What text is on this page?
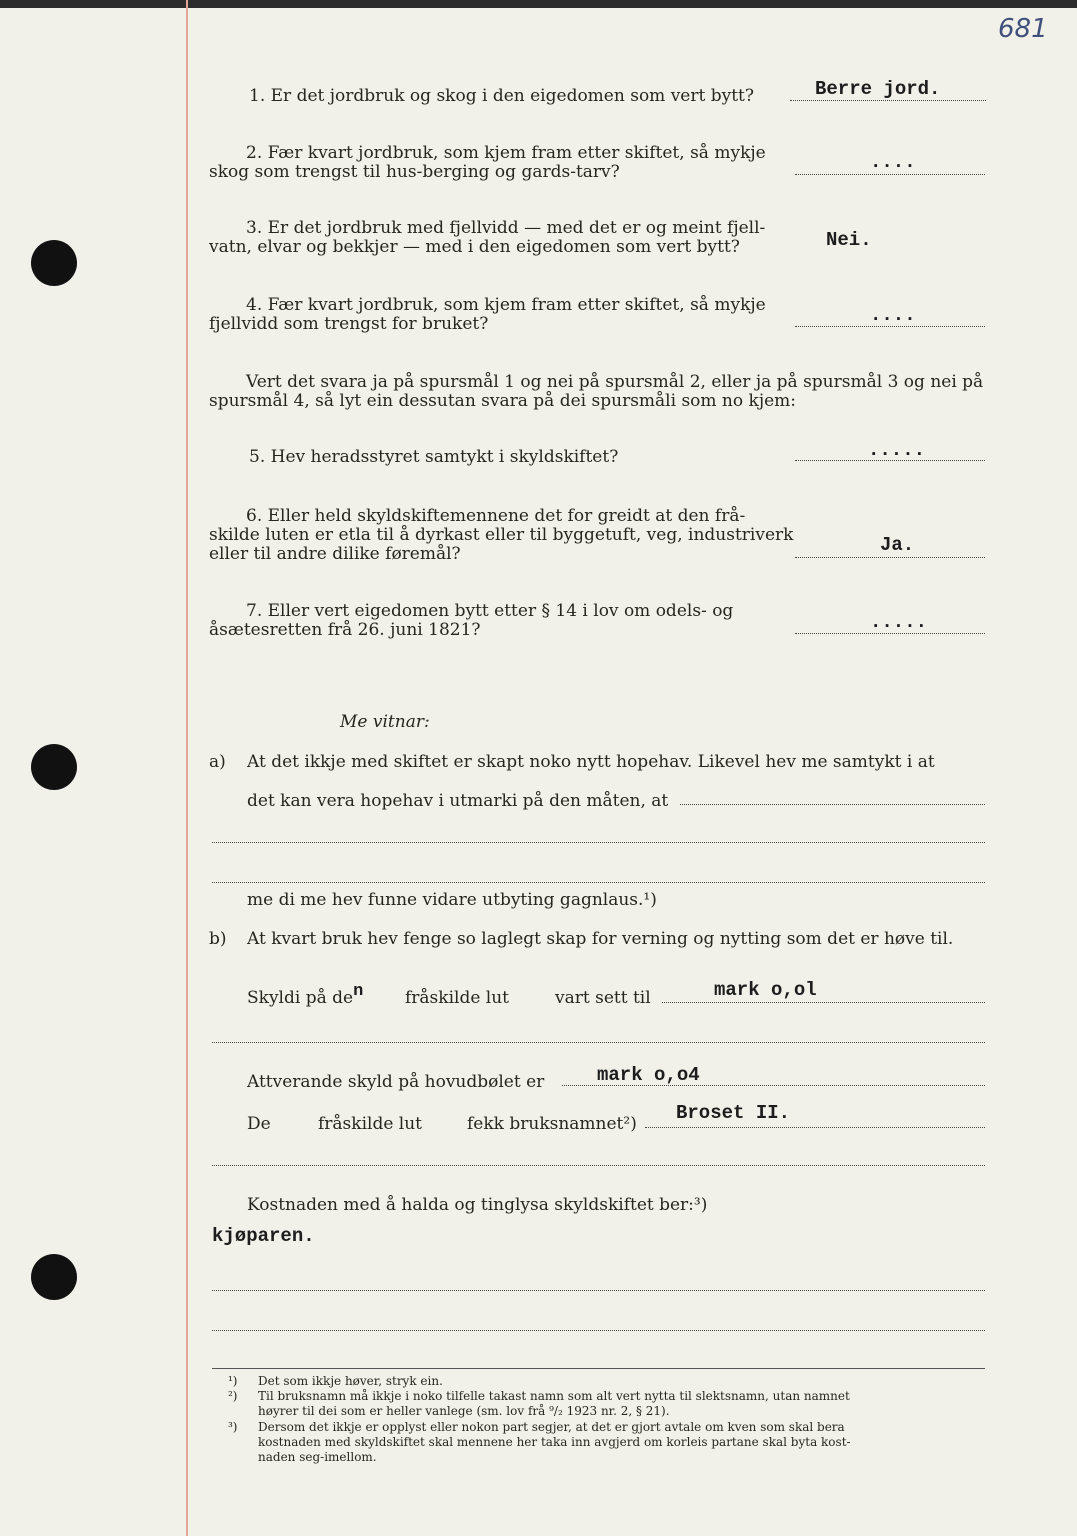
681
1. Er det jordbruk og skog i den eigedomen som vert bytt?	Berre jord.
2. Fær kvart jordbruk, som kjem fram etter skiftet, så mykje
skog som trengst til hus-berging og gards-tarv?	....
3. Er det jordbruk med fjellvidd — med det er og meint fjell-
vatn, elvar og bekkjer — med i den eigedomen som vert bytt?	Nei.
4. Fær kvart jordbruk, som kjem fram etter skiftet, så mykje
fjellvidd som trengst for bruket?	....
Vert det svara ja på spursmål 1 og nei på spursmål 2, eller ja på spursmål 3 og nei på
spursmål 4, så lyt ein dessutan svara på dei spursmåli som no kjem:
5. Hev heradsstyret samtykt i skyldskiftet?	.....
6. Eller held skyldskiftemennene det for greidt at den frå-
skilde luten er etla til å dyrkast eller til byggetuft, veg, industriverk
eller til andre dilike føremål?	Ja.
7. Eller vert eigedomen bytt etter § 14 i lov om odels- og
åsætesretten frå 26. juni 1821?	.....
Me vitnar:
a) At det ikkje med skiftet er skapt noko nytt hopehav. Likevel hev me samtykt i at
det kan vera hopehav i utmarki på den måten, at
me di me hev funne vidare utbyting gagnlaus.¹)
b) At kvart bruk hev fenge so laglegt skap for verning og nytting som det er høve til.
Skyldi på den fråskilde lut	vart sett til	mark o,ol
Attverande skyld på hovudbølet er	mark o,o4
De	fråskilde lut	fekk bruksnamnet²) Broset II.
Kostnaden med å halda og tinglysa skyldskiftet ber:³)
kjøparen.
¹) Det som ikkje høver, stryk ein.
²) Til bruksnamn må ikkje i noko tilfelle takast namn som alt vert nytta til slektsnamn, utan namnet
høyrer til dei som er heller vanlege (sm. lov frå ⁹/₂ 1923 nr. 2, § 21).
³) Dersom det ikkje er opplyst eller nokon part segjer, at det er gjort avtale om kven som skal bera
kostnaden med skyldskiftet skal mennene her taka inn avgjerd om korleis partane skal byta kost-
naden seg-imellom.
